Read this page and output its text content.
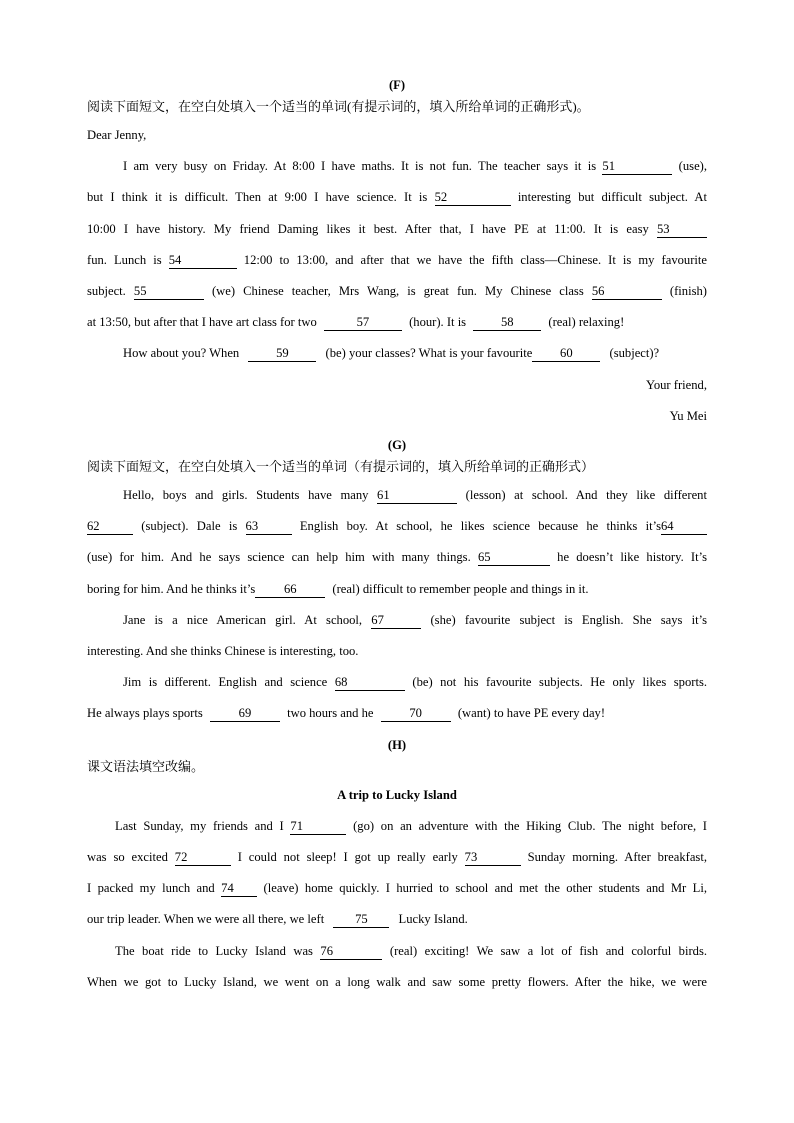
(F)

阅读下面短文，在空白处填入一个适当的单词(有提示词的，填入所给单词的正确形式)。

Dear Jenny,

I am very busy on Friday. At 8:00 I have maths. It is not fun. The teacher says it is 51	(use),

but I think it is difficult. Then at 9:00 I have science. It is 52	interesting but difficult subject. At

10:00 I have history. My friend Daming likes it best. After that, I have PE at 11:00. It is easy 53

fun. Lunch is 54	12:00 to 13:00, and after that we have the fifth class—Chinese. It is my favourite

subject. 55	(we) Chinese teacher, Mrs Wang, is great fun. My Chinese class 56	(finish)

at 13:50, but after that I have art class for two	57	(hour). It is	58	(real) relaxing!

How about you? When	59	(be) your classes? What is your favourite 60	(subject)?

Your friend,

Yu Mei

(G)

阅读下面短文，在空白处填入一个适当的单词（有提示词的，填入所给单词的正确形式）

Hello, boys and girls. Students have many 61	(lesson) at school. And they like different

62	(subject). Dale is 63	English boy. At school, he likes science because he thinks it’s64

(use) for him. And he says science can help him with many things. 65	he doesn’t like history. It’s

boring for him. And he thinks it’s 66	(real) difficult to remember people and things in it.

Jane is a nice American girl. At school, 67	(she) favourite subject is English. She says it’s

interesting. And she thinks Chinese is interesting, too.

Jim is different. English and science 68	(be) not his favourite subjects. He only likes sports.

He always plays sports	69	two hours and he	70	(want) to have PE every day!

(H)

课文语法填空改编。

A trip to Lucky Island

Last Sunday, my friends and I 71	(go) on an adventure with the Hiking Club. The night before, I

was so excited 72	I could not sleep! I got up really early 73	Sunday morning. After breakfast,

I packed my lunch and 74 (leave) home quickly. I hurried to school and met the other students and Mr Li,

our trip leader. When we were all there, we left 75 Lucky Island.

The boat ride to Lucky Island was 76	(real) exciting! We saw a lot of fish and colorful birds.

When we got to Lucky Island, we went on a long walk and saw some pretty flowers. After the hike, we were
